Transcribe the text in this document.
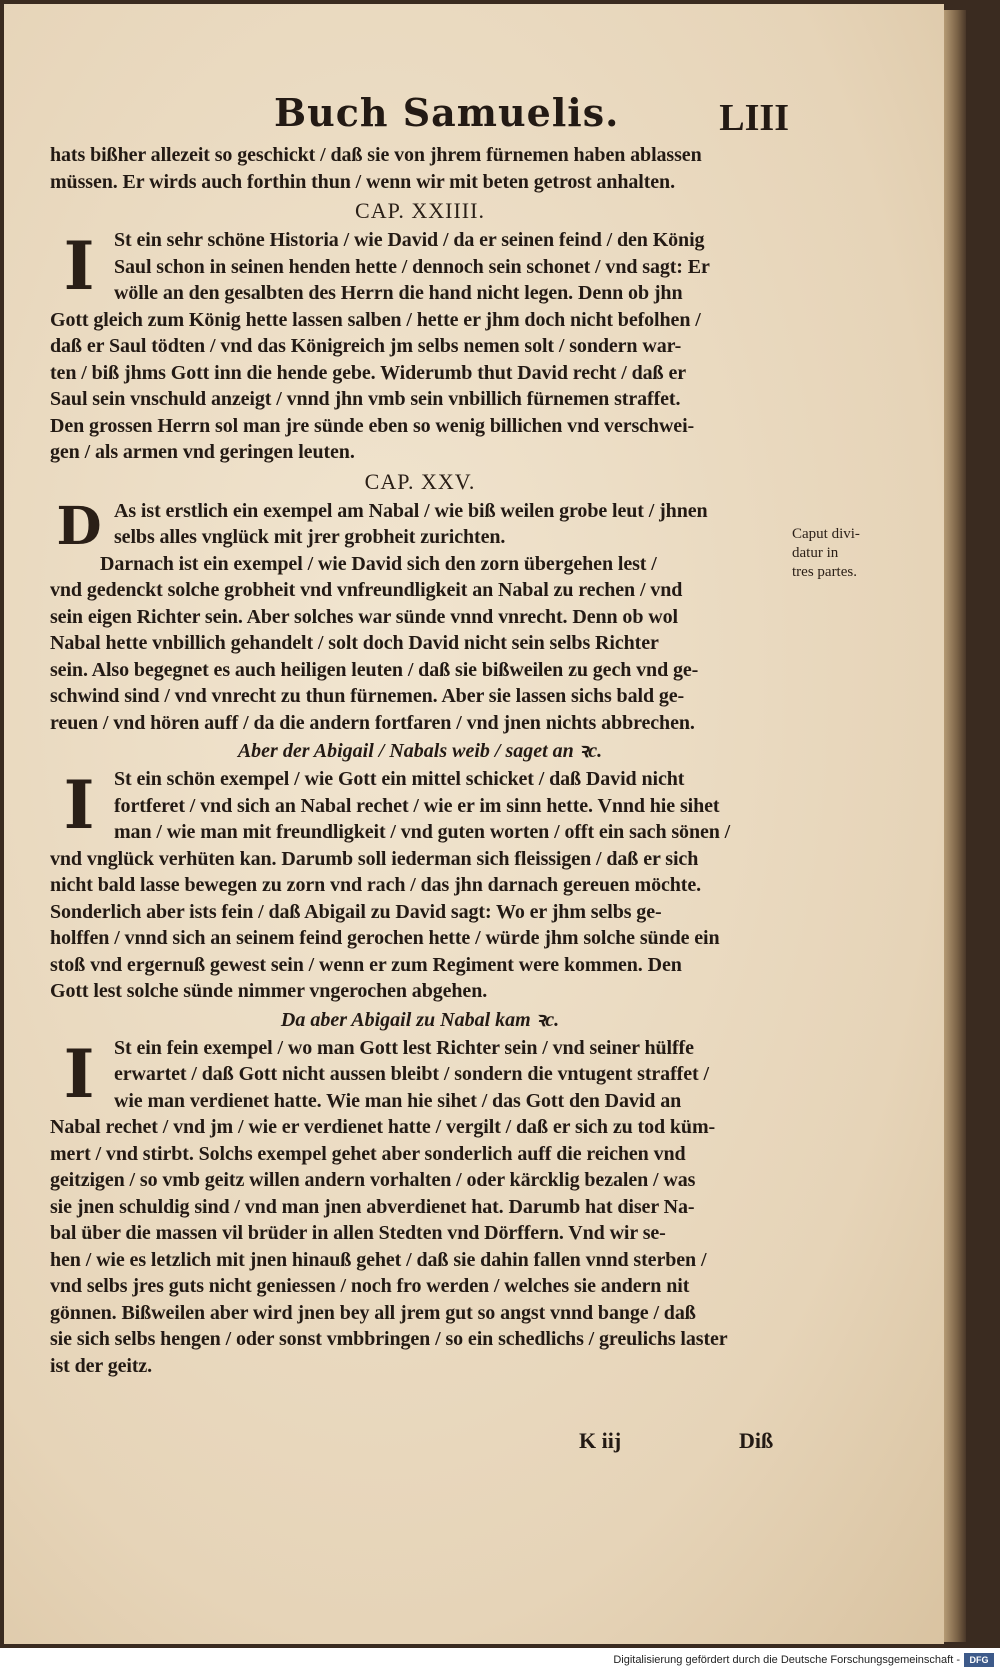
Buch Samuelis.	LIII
hats bißher allezeit so geschickt / daß sie von jhrem fürnemen haben ablassen
müssen. Er wirds auch forthin thun / wenn wir mit beten getrost anhalten.
CAP. XXIIII.
I St ein sehr schöne Historia / wie David / da er seinen feind / den König
Saul schon in seinen henden hette / dennoch sein schonet / vnd sagt: Er
wölle an den gesalbten des Herrn die hand nicht legen. Denn ob jhn
Gott gleich zum König hette lassen salben / hette er jhm doch nicht befolhen /
daß er Saul tödten / vnd das Königreich jm selbs nemen solt / sondern war-
ten / biß jhms Gott inn die hende gebe. Widerumb thut David recht / daß er
Saul sein vnschuld anzeigt / vnnd jhn vmb sein vnbillich fürnemen straffet.
Den grossen Herrn sol man jre sünde eben so wenig billichen vnd verschwei-
gen / als armen vnd geringen leuten.
CAP. XXV.
D As ist erstlich ein exempel am Nabal / wie biß weilen grobe leut / jhnen
selbs alles vnglück mit jrer grobheit zurichten.
Darnach ist ein exempel / wie David sich den zorn übergehen lest /
vnd gedenckt solche grobheit vnd vnfreundligkeit an Nabal zu rechen / vnd
sein eigen Richter sein. Aber solches war sünde vnnd vnrecht. Denn ob wol
Nabal hette vnbillich gehandelt / solt doch David nicht sein selbs Richter
sein. Also begegnet es auch heiligen leuten / daß sie bißweilen zu gech vnd ge-
schwind sind / vnd vnrecht zu thun fürnemen. Aber sie lassen sichs bald ge-
reuen / vnd hören auff / da die andern fortfaren / vnd jnen nichts abbrechen.
Aber der Abigail / Nabals weib / saget an ꝛc.
I St ein schön exempel / wie Gott ein mittel schicket / daß David nicht
fortferet / vnd sich an Nabal rechet / wie er im sinn hette. Vnnd hie sihet
man / wie man mit freundligkeit / vnd guten worten / offt ein sach sönen /
vnd vnglück verhüten kan. Darumb soll iederman sich fleissigen / daß er sich
nicht bald lasse bewegen zu zorn vnd rach / das jhn darnach gereuen möchte.
Sonderlich aber ists fein / daß Abigail zu David sagt: Wo er jhm selbs ge-
holffen / vnnd sich an seinem feind gerochen hette / würde jhm solche sünde ein
stoß vnd ergernuß gewest sein / wenn er zum Regiment were kommen. Den
Gott lest solche sünde nimmer vngerochen abgehen.
Da aber Abigail zu Nabal kam ꝛc.
I St ein fein exempel / wo man Gott lest Richter sein / vnd seiner hülffe
erwartet / daß Gott nicht aussen bleibt / sondern die vntugent straffet /
wie man verdienet hatte. Wie man hie sihet / das Gott den David an
Nabal rechet / vnd jm / wie er verdienet hatte / vergilt / daß er sich zu tod küm-
mert / vnd stirbt. Solchs exempel gehet aber sonderlich auff die reichen vnd
geitzigen / so vmb geitz willen andern vorhalten / oder kärcklig bezalen / was
sie jnen schuldig sind / vnd man jnen abverdienet hat. Darumb hat diser Na-
bal über die massen vil brüder in allen Stedten vnd Dörffern. Vnd wir se-
hen / wie es letzlich mit jnen hinauß gehet / daß sie dahin fallen vnnd sterben /
vnd selbs jres guts nicht geniessen / noch fro werden / welches sie andern nit
gönnen. Bißweilen aber wird jnen bey all jrem gut so angst vnnd bange / daß
sie sich selbs hengen / oder sonst vmbbringen / so ein schedlichs / greulichs laster
ist der geitz.
Caput divi-
datur in
tres partes.
K iij	Diß
Digitalisierung gefördert durch die Deutsche Forschungsgemeinschaft -	DFG
